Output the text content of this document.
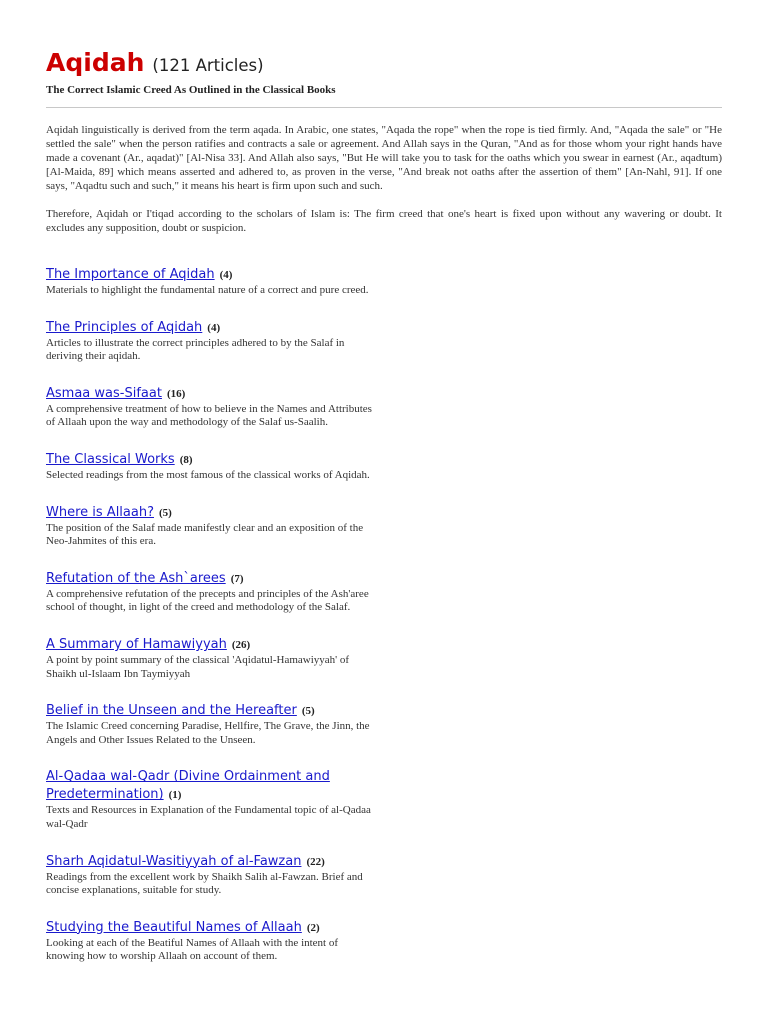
Aqidah (121 Articles)
The Correct Islamic Creed As Outlined in the Classical Books

Aqidah linguistically is derived from the term aqada. In Arabic, one states, "Aqada the rope" when the rope is tied firmly. And, "Aqada the sale" or "He settled the sale" when the person ratifies and contracts a sale or agreement. And Allah says in the Quran, "And as for those whom your right hands have made a covenant (Ar., aqadat)" [Al-Nisa 33]. And Allah also says, "But He will take you to task for the oaths which you swear in earnest (Ar., aqadtum) [Al-Maida, 89] which means asserted and adhered to, as proven in the verse, "And break not oaths after the assertion of them" [An-Nahl, 91]. If one says, "Aqadtu such and such," it means his heart is firm upon such and such.

Therefore, Aqidah or I'tiqad according to the scholars of Islam is: The firm creed that one's heart is fixed upon without any wavering or doubt. It excludes any supposition, doubt or suspicion.

The Importance of Aqidah (4)
Materials to highlight the fundamental nature of a correct and pure creed.
The Principles of Aqidah (4)
Articles to illustrate the correct principles adhered to by the Salaf in deriving their aqidah.
Asmaa was-Sifaat (16)
A comprehensive treatment of how to believe in the Names and Attributes of Allaah upon the way and methodology of the Salaf us-Saalih.
The Classical Works (8)
Selected readings from the most famous of the classical works of Aqidah.
Where is Allaah? (5)
The position of the Salaf made manifestly clear and an exposition of the Neo-Jahmites of this era.
Refutation of the Ash`arees (7)
A comprehensive refutation of the precepts and principles of the Ash'aree school of thought, in light of the creed and methodology of the Salaf.
A Summary of Hamawiyyah (26)
A point by point summary of the classical 'Aqidatul-Hamawiyyah' of Shaikh ul-Islaam Ibn Taymiyyah
Belief in the Unseen and the Hereafter (5)
The Islamic Creed concerning Paradise, Hellfire, The Grave, the Jinn, the Angels and Other Issues Related to the Unseen.
Al-Qadaa wal-Qadr (Divine Ordainment and Predetermination) (1)
Texts and Resources in Explanation of the Fundamental topic of al-Qadaa wal-Qadr
Sharh Aqidatul-Wasitiyyah of al-Fawzan (22)
Readings from the excellent work by Shaikh Salih al-Fawzan. Brief and concise explanations, suitable for study.
Studying the Beautiful Names of Allaah (2)
Looking at each of the Beatiful Names of Allaah with the intent of knowing how to worship Allaah on account of them.
